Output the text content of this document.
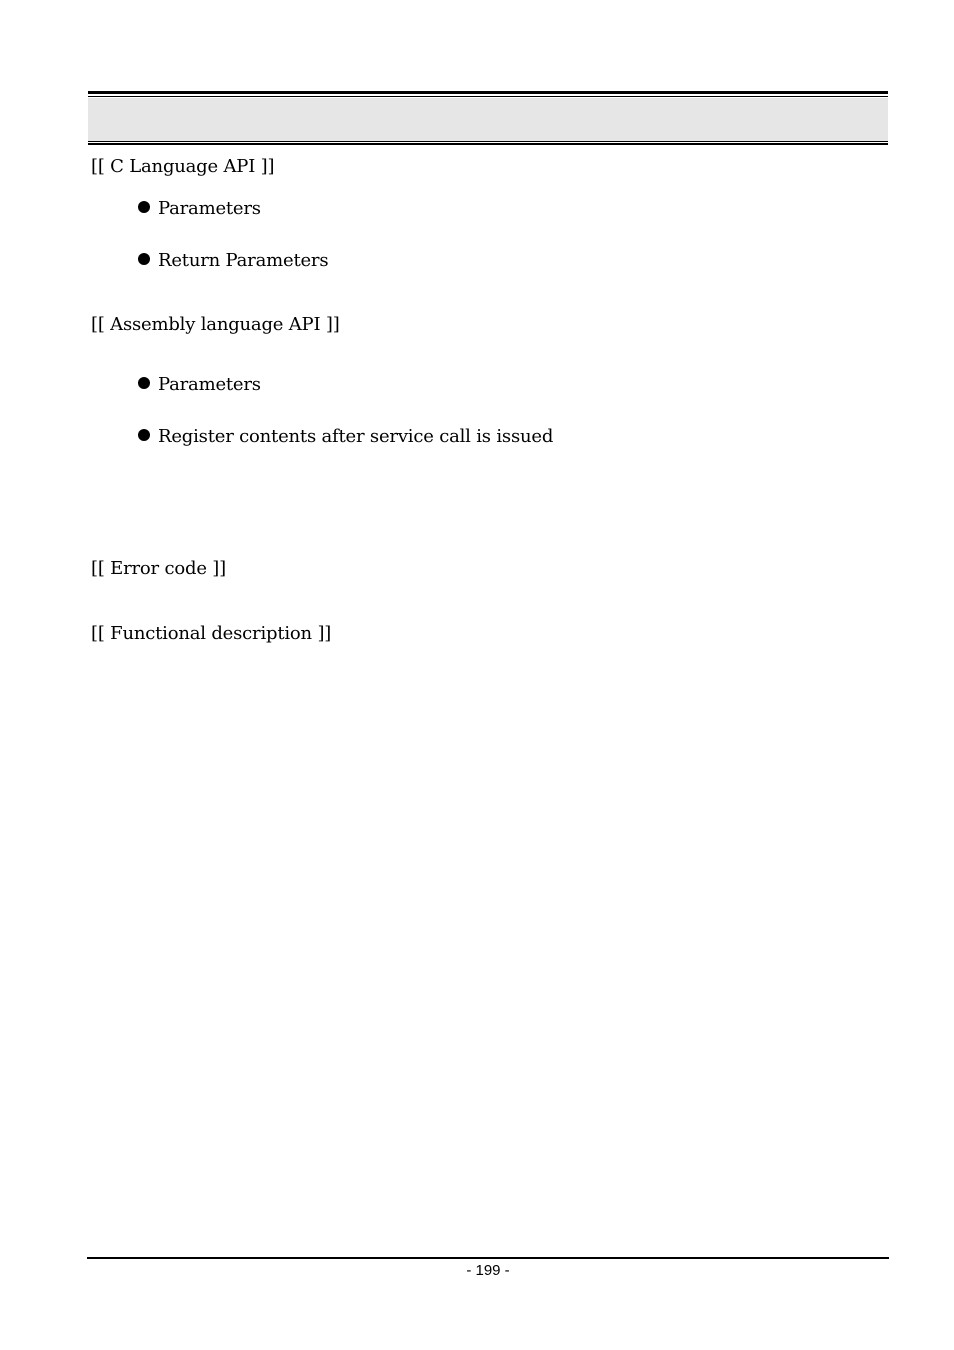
[[ C Language API ]]
Parameters
Return Parameters
[[ Assembly language API ]]
Parameters
Register contents after service call is issued
[[ Error code ]]
[[ Functional description ]]
- 199 -
